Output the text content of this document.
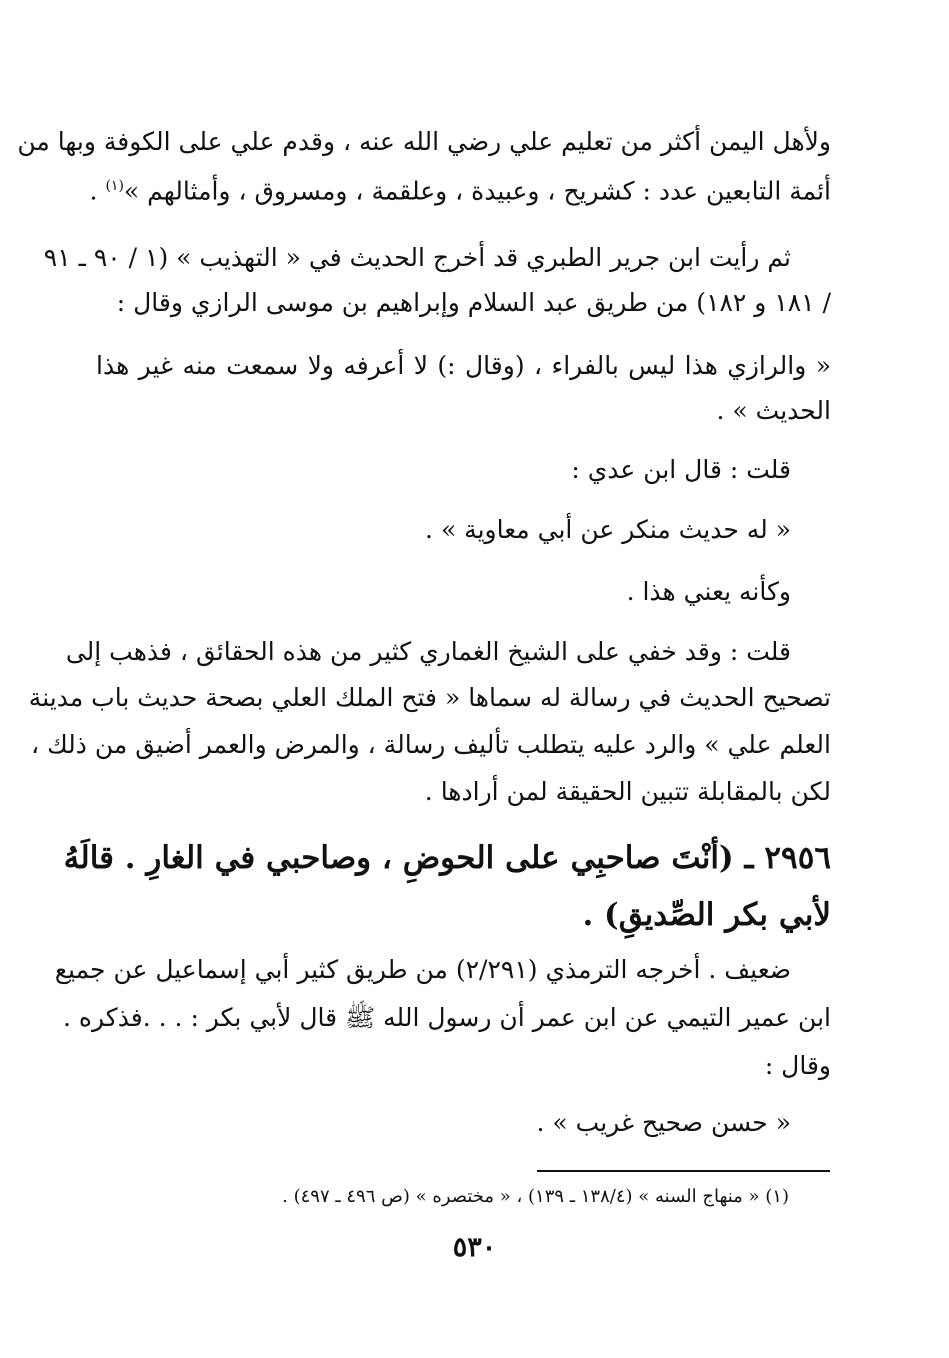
ولأهل اليمن أكثر من تعليم علي رضي الله عنه ، وقدم علي على الكوفة وبها من
أئمة التابعين عدد : كشريح ، وعبيدة ، وعلقمة ، ومسروق ، وأمثالهم »$^{(١)}$ .
ثم رأيت ابن جرير الطبري قد أخرج الحديث في « التهذيب » (١ / ٩٠ ـ ٩١
/ ١٨١ و ١٨٢) من طريق عبد السلام وإبراهيم بن موسى الرازي وقال :
« والرازي هذا ليس بالفراء ، (وقال :) لا أعرفه ولا سمعت منه غير هذا
الحديث » .
قلت : قال ابن عدي :
« له حديث منكر عن أبي معاوية » .
وكأنه يعني هذا .
قلت : وقد خفي على الشيخ الغماري كثير من هذه الحقائق ، فذهب إلى
تصحيح الحديث في رسالة له سماها « فتح الملك العلي بصحة حديث باب مدينة
العلم علي » والرد عليه يتطلب تأليف رسالة ، والمرض والعمر أضيق من ذلك ،
لكن بالمقابلة تتبين الحقيقة لمن أرادها .
٢٩٥٦ ـ (أنْتَ صاحبِي على الحوضِ ، وصاحبي في الغارِ . قالَهُ
لأبي بكر الصِّديقِ) .
ضعيف . أخرجه الترمذي (٢/٢٩١) من طريق كثير أبي إسماعيل عن جميع
ابن عمير التيمي عن ابن عمر أن رسول الله ﷺ قال لأبي بكر : . . .فذكره .
وقال :
« حسن صحيح غريب » .
(١) « منهاج السنه » (١٣٨/٤ ـ ١٣٩) ، « مختصره » (ص ٤٩٦ ـ ٤٩٧) .
٥٣٠
